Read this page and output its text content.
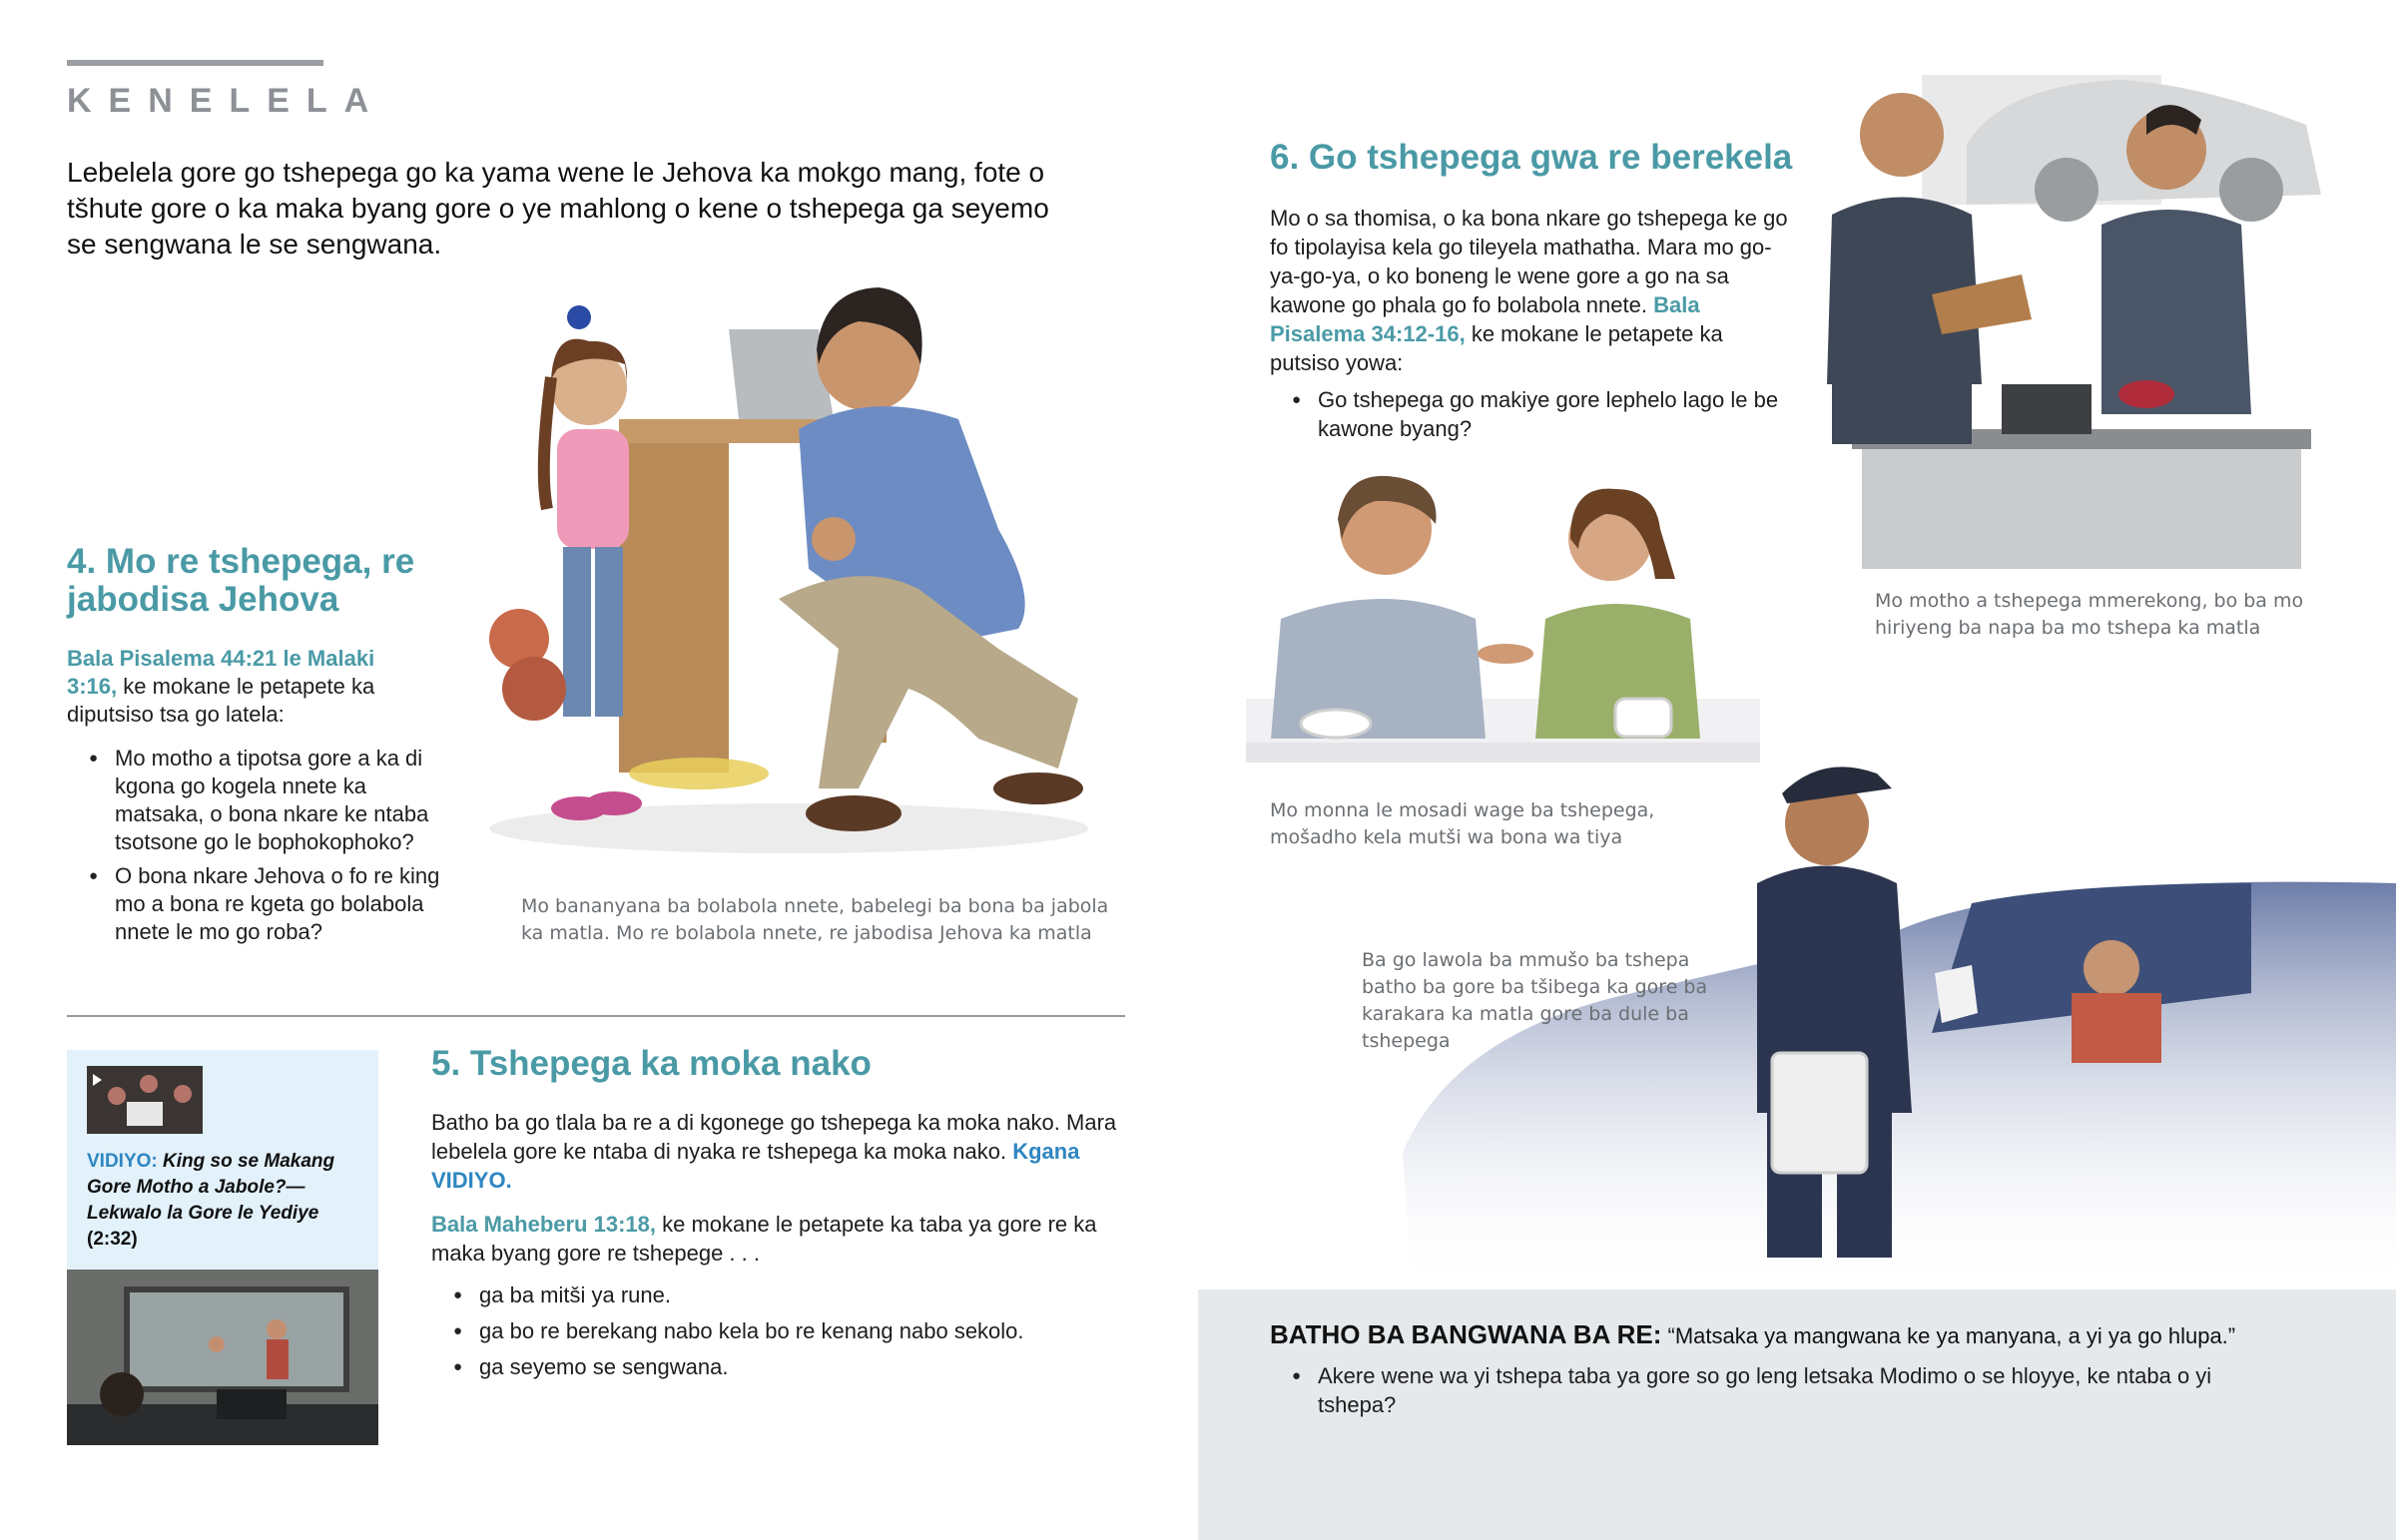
KENELELA
Lebelela gore go tshepega go ka yama wene le Jehova ka mokgo mang, fote o tšhute gore o ka maka byang gore o ye mahlong o kene o tshepega ga seyemo se sengwana le se sengwana.
4. Mo re tshepega, re jabodisa Jehova
Bala Pisalema 44:21 le Malaki 3:16, ke mokane le petapete ka diputsiso tsa go latela:
● Mo motho a tipotsa gore a ka di kgona go kogela nnete ka matsaka, o bona nkare ke ntaba tsotsone go le bophokophoko?
● O bona nkare Jehova o fo re king mo a bona re kgeta go bolabola nnete le mo go roba?
Mo bananyana ba bolabola nnete, babelegi ba bona ba jabola ka matla. Mo re bolabola nnete, re jabodisa Jehova ka matla
VIDIYO: King so se Makang Gore Motho a Jabole?—Lekwalo la Gore le Yediye (2:32)
5. Tshepega ka moka nako
Batho ba go tlala ba re a di kgonege go tshepega ka moka nako. Mara lebelela gore ke ntaba di nyaka re tshepega ka moka nako. Kgana VIDIYO.
Bala Maheberu 13:18, ke mokane le petapete ka taba ya gore re ka maka byang gore re tshepege . . .
● ga ba mitši ya rune.
● ga bo re berekang nabo kela bo re kenang nabo sekolo.
● ga seyemo se sengwana.
6. Go tshepega gwa re berekela
Mo o sa thomisa, o ka bona nkare go tshepega ke go fo tipolayisa kela go tileyela mathatha. Mara mo go-ya-go-ya, o ko boneng le wene gore a go na sa kawone go phala go fo bolabola nnete. Bala Pisalema 34:12-16, ke mokane le petapete ka putsiso yowa:
● Go tshepega go makiye gore lephelo lago le be kawone byang?
Mo motho a tshepega mmerekong, bo ba mo hiriyeng ba napa ba mo tshepa ka matla
Mo monna le mosadi wage ba tshepega, mošadho kela mutši wa bona wa tiya
Ba go lawola ba mmušo ba tshepa batho ba gore ba tšibega ka gore ba karakara ka matla gore ba dule ba tshepega
BATHO BA BANGWANA BA RE: “Matsaka ya mangwana ke ya manyana, a yi ya go hlupa.”
● Akere wene wa yi tshepa taba ya gore so go leng letsaka Modimo o se hloyye, ke ntaba o yi tshepa?
